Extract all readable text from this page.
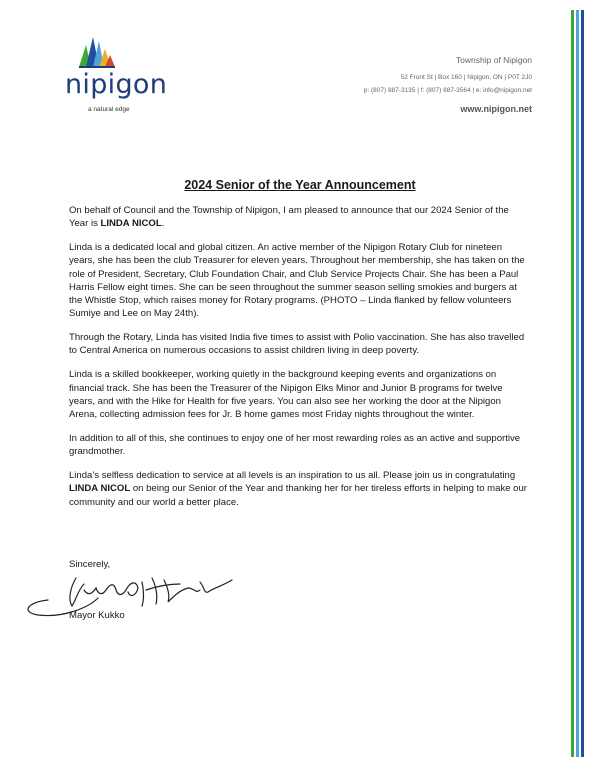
nipigon
a natural edge
Township of Nipigon
52 Front St | Box 160 | Nipigon, ON | P0T 2J0
p: (807) 887-3135 | f: (807) 887-3564 | e: info@nipigon.net
www.nipigon.net
2024 Senior of the Year Announcement

On behalf of Council and the Township of Nipigon, I am pleased to announce that our 2024 Senior of the Year is LINDA NICOL.

Linda is a dedicated local and global citizen. An active member of the Nipigon Rotary Club for nineteen years, she has been the club Treasurer for eleven years. Throughout her membership, she has taken on the role of President, Secretary, Club Foundation Chair, and Club Service Projects Chair. She has been a Paul Harris Fellow eight times. She can be seen throughout the summer season selling smokies and burgers at the Whistle Stop, which raises money for Rotary programs. (PHOTO – Linda flanked by fellow volunteers Sumiye and Lee on May 24th).

Through the Rotary, Linda has visited India five times to assist with Polio vaccination. She has also travelled to Central America on numerous occasions to assist children living in deep poverty.

Linda is a skilled bookkeeper, working quietly in the background keeping events and organizations on financial track. She has been the Treasurer of the Nipigon Elks Minor and Junior B programs for twelve years, and with the Hike for Health for five years. You can also see her working the door at the Nipigon Arena, collecting admission fees for Jr. B home games most Friday nights throughout the winter.

In addition to all of this, she continues to enjoy one of her most rewarding roles as an active and supportive grandmother.

Linda’s selfless dedication to service at all levels is an inspiration to us all. Please join us in congratulating LINDA NICOL on being our Senior of the Year and thanking her for her tireless efforts in helping to make our community and our world a better place.

Sincerely,
Mayor Kukko
